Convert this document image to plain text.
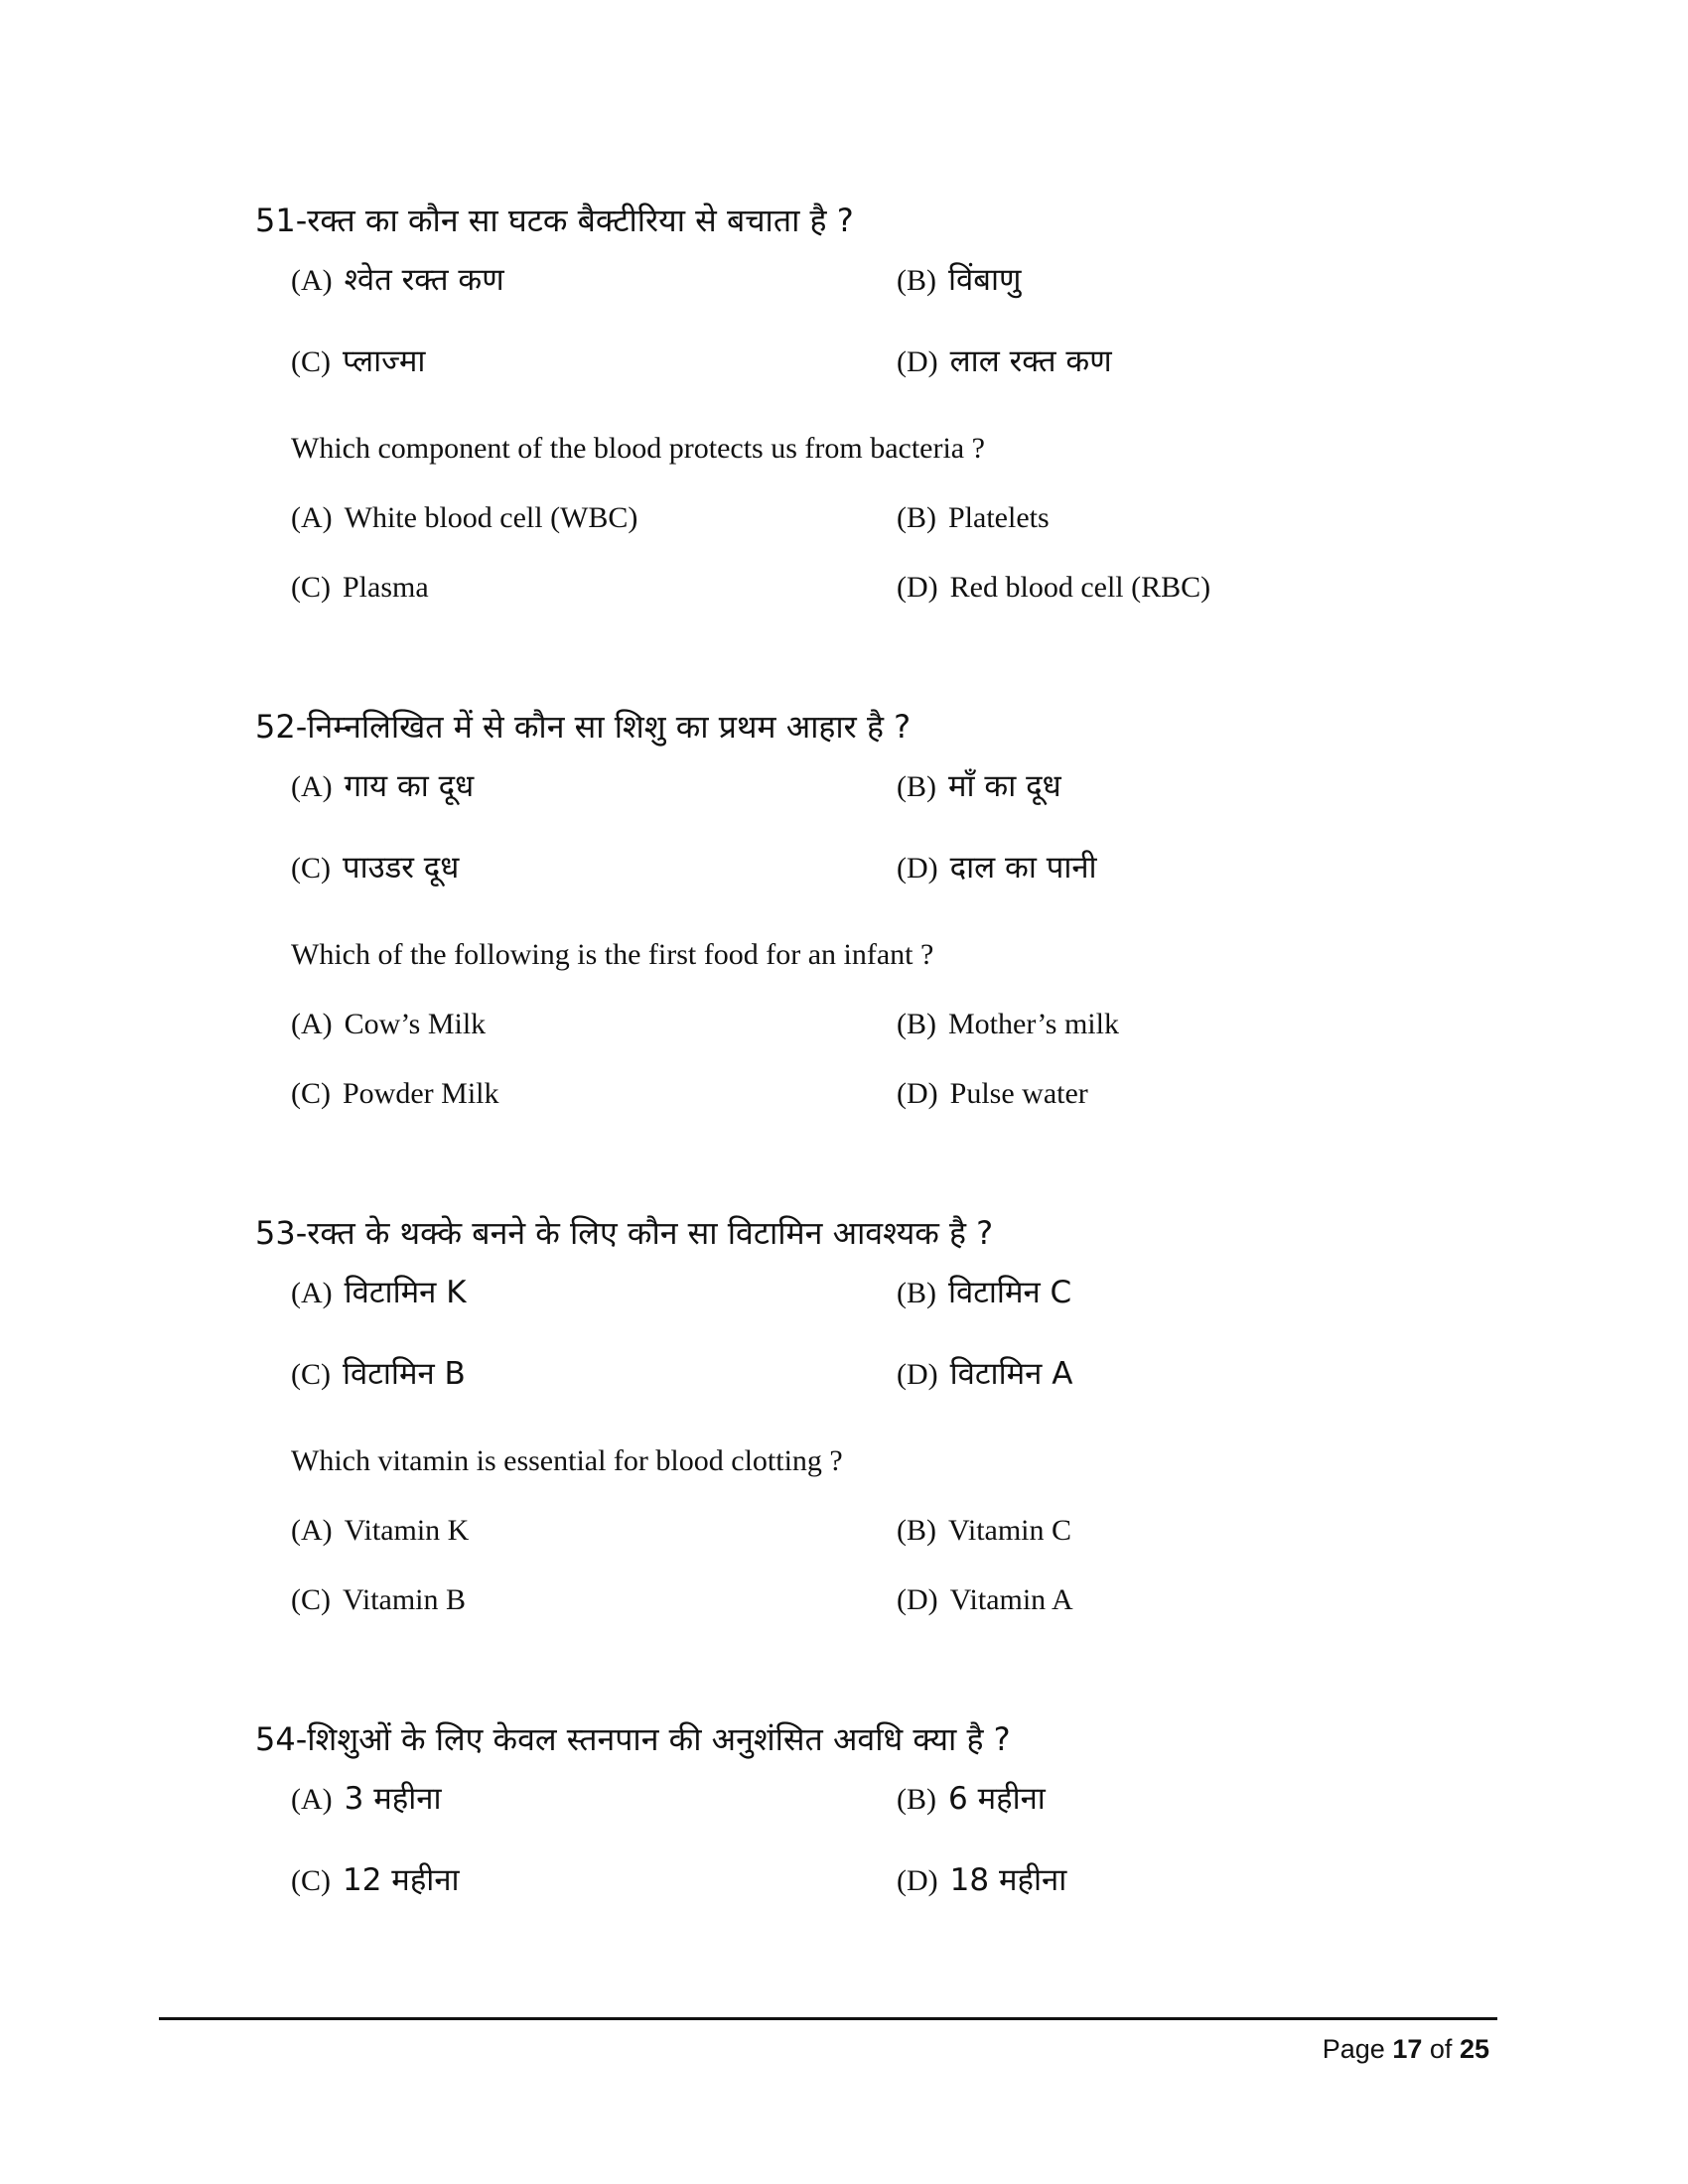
51-रक्त का कौन सा घटक बैक्टीरिया से बचाता है ?
(A) श्वेत रक्त कण	(B) विंबाणु
(C) प्लाज्मा	(D) लाल रक्त कण
Which component of the blood protects us from bacteria ?
(A) White blood cell (WBC)	(B) Platelets
(C) Plasma	(D) Red blood cell (RBC)
52-निम्नलिखित में से कौन सा शिशु का प्रथम आहार है ?
(A) गाय का दूध	(B) माँ का दूध
(C) पाउडर दूध	(D) दाल का पानी
Which of the following is the first food for an infant ?
(A) Cow’s Milk	(B) Mother’s milk
(C) Powder Milk	(D) Pulse water
53-रक्त के थक्के बनने के लिए कौन सा विटामिन आवश्यक है ?
(A) विटामिन K	(B) विटामिन C
(C) विटामिन B	(D) विटामिन A
Which vitamin is essential for blood clotting ?
(A) Vitamin K	(B) Vitamin C
(C) Vitamin B	(D) Vitamin A
54-शिशुओं के लिए केवल स्तनपान की अनुशंसित अवधि क्या है ?
(A) 3 महीना	(B) 6 महीना
(C) 12 महीना	(D) 18 महीना
Page 17 of 25
